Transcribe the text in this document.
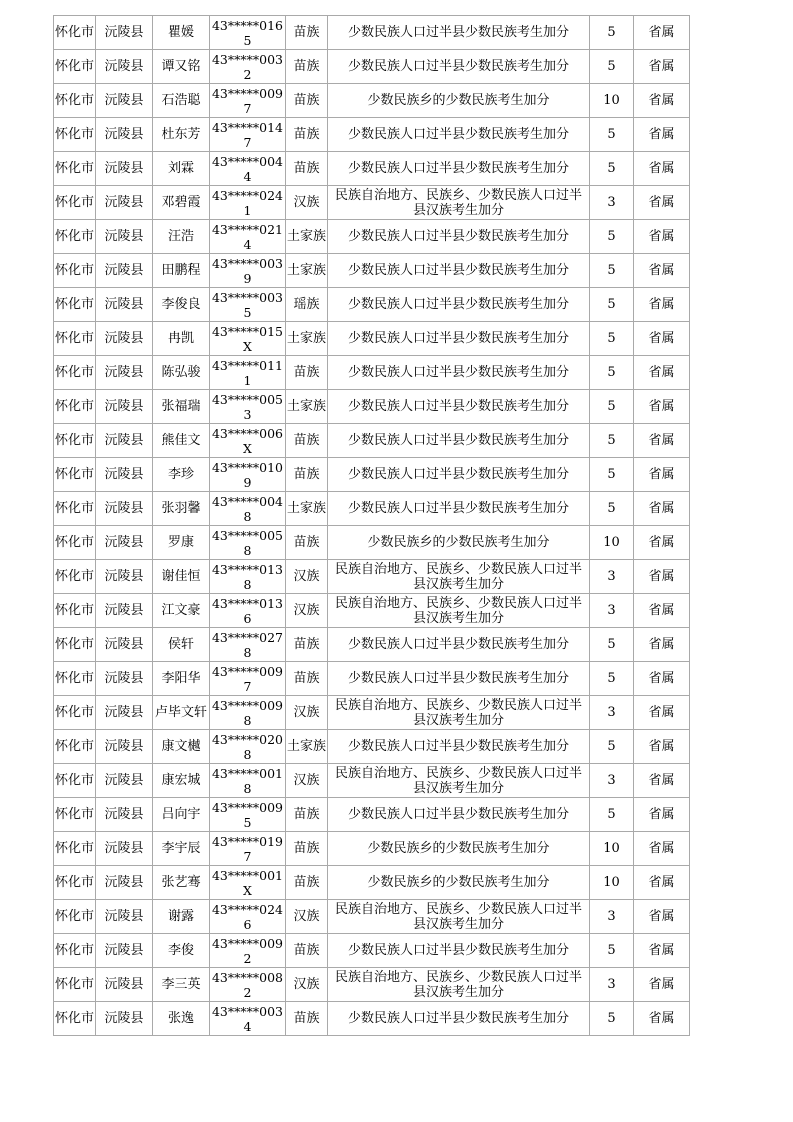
怀化市	沅陵县	瞿媛	43*****0165	苗族	少数民族人口过半县少数民族考生加分	5	省属
怀化市	沅陵县	谭又铭	43*****0032	苗族	少数民族人口过半县少数民族考生加分	5	省属
怀化市	沅陵县	石浩聪	43*****0097	苗族	少数民族乡的少数民族考生加分	10	省属
怀化市	沅陵县	杜东芳	43*****0147	苗族	少数民族人口过半县少数民族考生加分	5	省属
怀化市	沅陵县	刘霖	43*****0044	苗族	少数民族人口过半县少数民族考生加分	5	省属
怀化市	沅陵县	邓碧霞	43*****0241	汉族	民族自治地方、民族乡、少数民族人口过半县汉族考生加分	3	省属
怀化市	沅陵县	汪浩	43*****0214	土家族	少数民族人口过半县少数民族考生加分	5	省属
怀化市	沅陵县	田鹏程	43*****0039	土家族	少数民族人口过半县少数民族考生加分	5	省属
怀化市	沅陵县	李俊良	43*****0035	瑶族	少数民族人口过半县少数民族考生加分	5	省属
怀化市	沅陵县	冉凯	43*****015X	土家族	少数民族人口过半县少数民族考生加分	5	省属
怀化市	沅陵县	陈弘骏	43*****0111	苗族	少数民族人口过半县少数民族考生加分	5	省属
怀化市	沅陵县	张福瑞	43*****0053	土家族	少数民族人口过半县少数民族考生加分	5	省属
怀化市	沅陵县	熊佳文	43*****006X	苗族	少数民族人口过半县少数民族考生加分	5	省属
怀化市	沅陵县	李珍	43*****0109	苗族	少数民族人口过半县少数民族考生加分	5	省属
怀化市	沅陵县	张羽馨	43*****0048	土家族	少数民族人口过半县少数民族考生加分	5	省属
怀化市	沅陵县	罗康	43*****0058	苗族	少数民族乡的少数民族考生加分	10	省属
怀化市	沅陵县	谢佳恒	43*****0138	汉族	民族自治地方、民族乡、少数民族人口过半县汉族考生加分	3	省属
怀化市	沅陵县	江文豪	43*****0136	汉族	民族自治地方、民族乡、少数民族人口过半县汉族考生加分	3	省属
怀化市	沅陵县	侯轩	43*****0278	苗族	少数民族人口过半县少数民族考生加分	5	省属
怀化市	沅陵县	李阳华	43*****0097	苗族	少数民族人口过半县少数民族考生加分	5	省属
怀化市	沅陵县	卢毕文轩	43*****0098	汉族	民族自治地方、民族乡、少数民族人口过半县汉族考生加分	3	省属
怀化市	沅陵县	康文樾	43*****0208	土家族	少数民族人口过半县少数民族考生加分	5	省属
怀化市	沅陵县	康宏城	43*****0018	汉族	民族自治地方、民族乡、少数民族人口过半县汉族考生加分	3	省属
怀化市	沅陵县	吕向宇	43*****0095	苗族	少数民族人口过半县少数民族考生加分	5	省属
怀化市	沅陵县	李宇辰	43*****0197	苗族	少数民族乡的少数民族考生加分	10	省属
怀化市	沅陵县	张艺骞	43*****001X	苗族	少数民族乡的少数民族考生加分	10	省属
怀化市	沅陵县	谢露	43*****0246	汉族	民族自治地方、民族乡、少数民族人口过半县汉族考生加分	3	省属
怀化市	沅陵县	李俊	43*****0092	苗族	少数民族人口过半县少数民族考生加分	5	省属
怀化市	沅陵县	李三英	43*****0082	汉族	民族自治地方、民族乡、少数民族人口过半县汉族考生加分	3	省属
怀化市	沅陵县	张逸	43*****0034	苗族	少数民族人口过半县少数民族考生加分	5	省属
